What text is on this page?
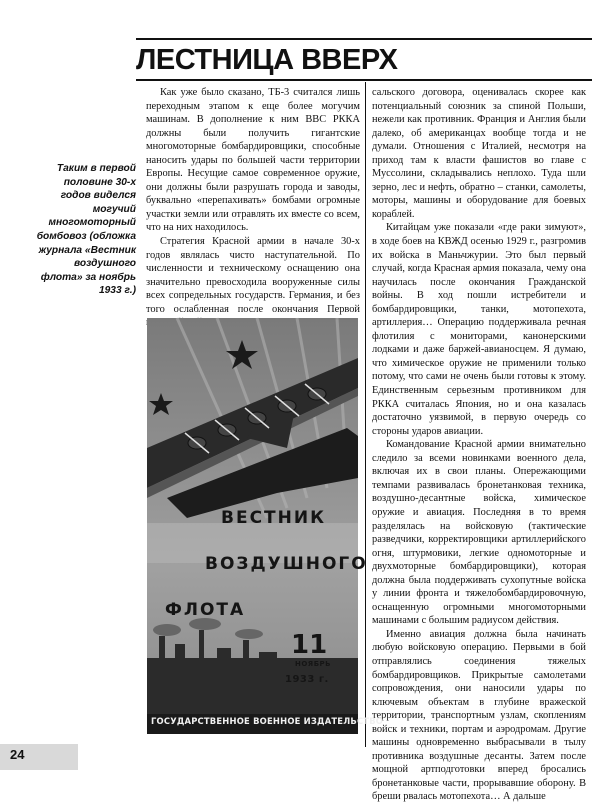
ЛЕСТНИЦА ВВЕРХ
Таким в первой половине 30-х годов виделся могучий многомоторный бомбовоз (обложка журнала «Вестник воздушного флота» за ноябрь 1933 г.)

Как уже было сказано, ТБ-3 считался лишь переходным этапом к еще более могучим машинам. В дополнение к ним ВВС РККА должны были получить гигантские многомоторные бомбардировщики, способные наносить удары по большей части территории Европы. Несущие самое современное оружие, они должны были разрушать города и заводы, буквально «перепахивать» бомбами огромные участки земли или отравлять их вместе со всем, что на них находилось.

Стратегия Красной армии в начале 30-х годов являлась чисто наступательной. По численности и техническому оснащению она значительно превосходила вооруженные силы всех сопредельных государств. Германия, и без того ослабленная после окончания Первой

сальского договора, оценивалась скорее как потенциальный союзник за спиной Польши, нежели как противник. Франция и Англия были далеко, об американцах вообще тогда и не думали. Отношения с Италией, несмотря на приход там к власти фашистов во главе с Муссолини, складывались неплохо. Туда шли зерно, лес и нефть, обратно – станки, самолеты, моторы, машины и оборудование для боевых кораблей.

Китайцам уже показали «где раки зимуют», в ходе боев на КВЖД осенью 1929 г., разгромив их войска в Маньчжурии. Это был первый случай, когда Красная армия показала, чему она научилась после окончания Гражданской войны. В ход пошли истребители и бомбардировщики, танки, мотопехота, артиллерия… Операцию поддерживала речная флотилия с мониторами, канонерскими лодками и даже баржей-авианосцем. Я думаю, что химическое оружие не применили только потому, что сами не очень были готовы к этому. Единственным серьезным противником для РККА считалась Япония, но и она казалась достаточно уязвимой, в первую очередь со стороны ударов авиации.

Командование Красной армии внимательно следило за всеми новинками военного дела, включая их в свои планы. Опережающими темпами развивалась бронетанковая техника, воздушно-десантные войска, химическое оружие и авиация. Последняя в то время разделялась на войсковую (тактические разведчики, корректировщики артиллерийского огня, штурмовики, легкие одномоторные и двухмоторные бомбардировщики), которая должна была поддерживать сухопутные войска у линии фронта и тяжелобомбардировочную, оснащенную огромными многомоторными машинами с большим радиусом действия.

Именно авиация должна была начинать любую войсковую операцию. Первыми в бой отправлялись соединения тяжелых бомбардировщиков. Прикрытые самолетами сопровождения, они наносили удары по ключевым объектам в глубине вражеской территории, транспортным узлам, скоплениям войск и техники, портам и аэродромам. Другие машины одновременно выбрасывали в тылу противника воздушные десанты. Затем после мощной артподготовки вперед бросались бронетанковые части, прорывавшие оборону. В бреши рвалась мотопехота… А дальше

ВЕСТНИК
ВОЗДУШНОГО
ФЛОТА
11
НОЯБРЬ
1933 г.
ГОСУДАРСТВЕННОЕ ВОЕННОЕ ИЗДАТЕЛЬСТВО
24
